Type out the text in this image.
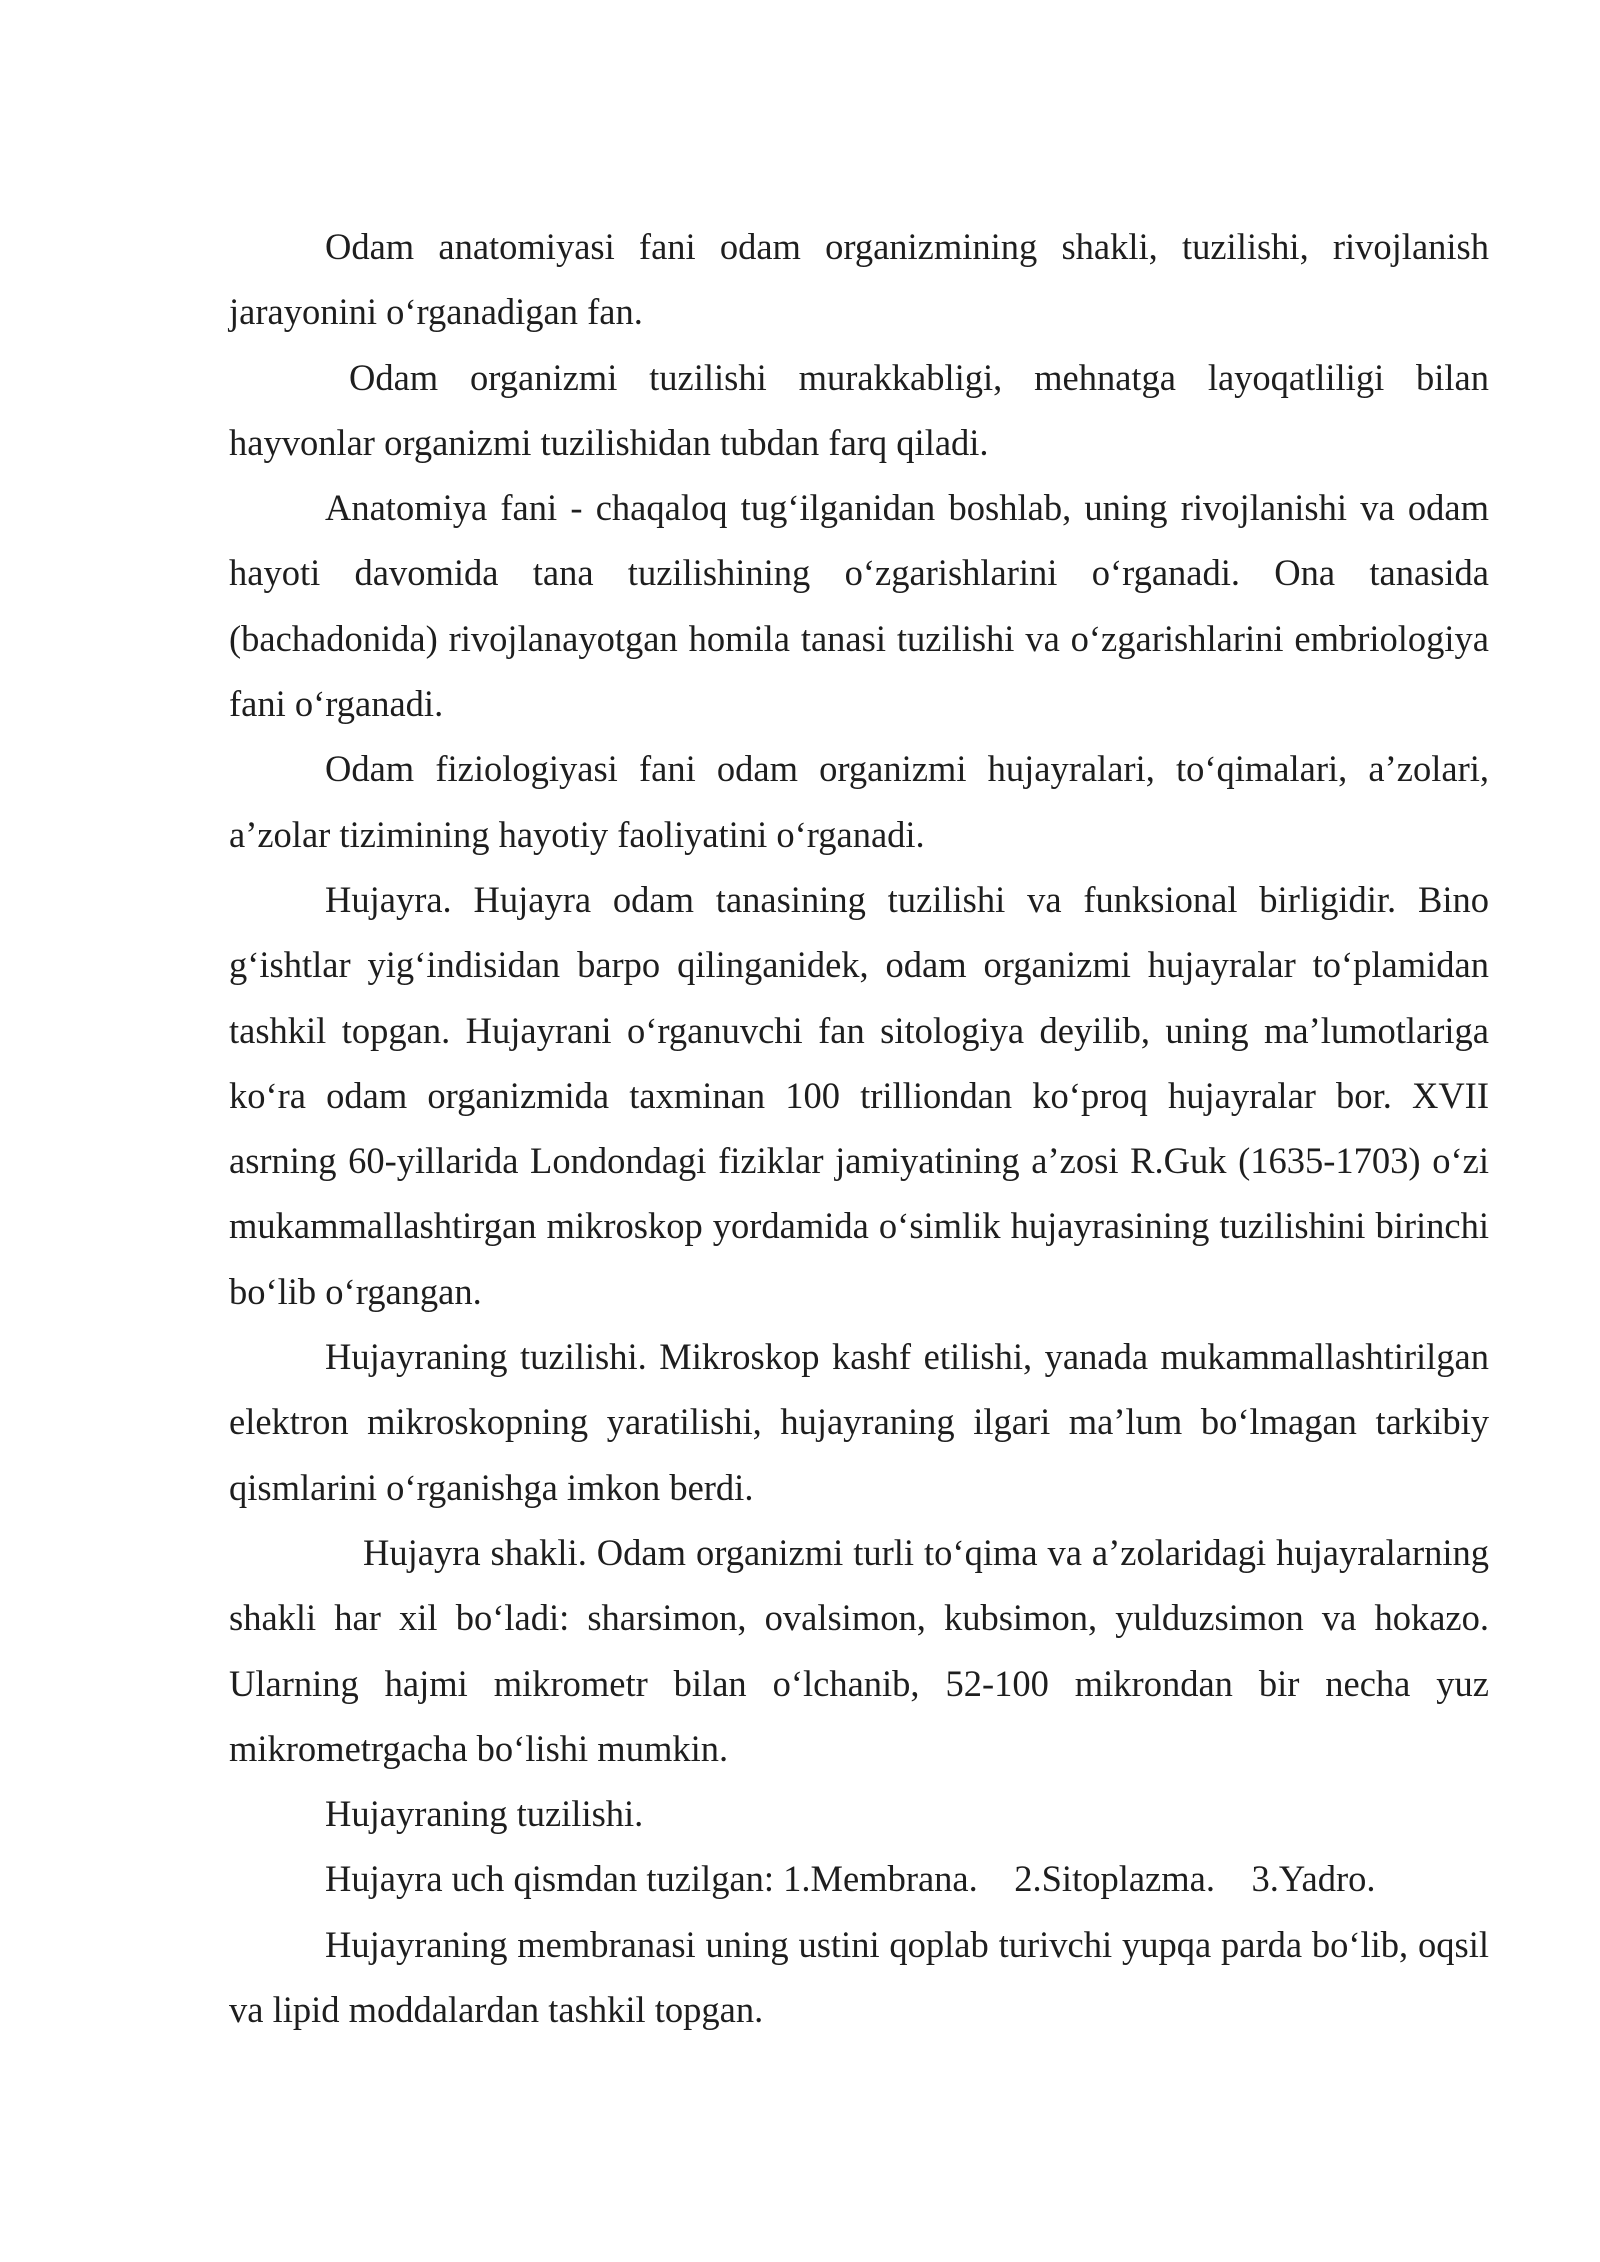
Odam anatomiyasi fani odam organizmining shakli, tuzilishi, rivojlanish jarayonini o‘rganadigan fan.

Odam organizmi tuzilishi murakkabligi, mehnatga layoqatliligi bilan hayvonlar organizmi tuzilishidan tubdan farq qiladi.

Anatomiya fani - chaqaloq tug‘ilganidan boshlab, uning rivojlanishi va odam hayoti davomida tana tuzilishining o‘zgarishlarini o‘rganadi. Ona tanasida (bachadonida) rivojlanayotgan homila tanasi tuzilishi va o‘zgarishlarini embriologiya fani o‘rganadi.

Odam fiziologiyasi fani odam organizmi hujayralari, to‘qimalari, a’zolari, a’zolar tizimining hayotiy faoliyatini o‘rganadi.

Hujayra. Hujayra odam tanasining tuzilishi va funksional birligidir. Bino g‘ishtlar yig‘indisidan barpo qilinganidek, odam organizmi hujayralar to‘plamidan tashkil topgan. Hujayrani o‘rganuvchi fan sitologiya deyilib, uning ma’lumotlariga ko‘ra odam organizmida taxminan 100 trilliondan ko‘proq hujayralar bor. XVII asrning 60-yillarida Londondagi fiziklar jamiyatining a’zosi R.Guk (1635-1703) o‘zi mukammallashtirgan mikroskop yordamida o‘simlik hujayrasining tuzilishini birinchi bo‘lib o‘rgangan.

Hujayraning tuzilishi. Mikroskop kashf etilishi, yanada mukammallashtirilgan elektron mikroskopning yaratilishi, hujayraning ilgari ma’lum bo‘lmagan tarkibiy qismlarini o‘rganishga imkon berdi.

Hujayra shakli. Odam organizmi turli to‘qima va a’zolaridagi hujayralarning shakli har xil bo‘ladi: sharsimon, ovalsimon, kubsimon, yulduzsimon va hokazo. Ularning hajmi mikrometr bilan o‘lchanib, 52-100 mikrondan bir necha yuz mikrometrgacha bo‘lishi mumkin.

Hujayraning tuzilishi.

Hujayra uch qismdan tuzilgan: 1.Membrana.    2.Sitoplazma.    3.Yadro.

Hujayraning membranasi uning ustini qoplab turivchi yupqa parda bo‘lib, oqsil va lipid moddalardan tashkil topgan.
